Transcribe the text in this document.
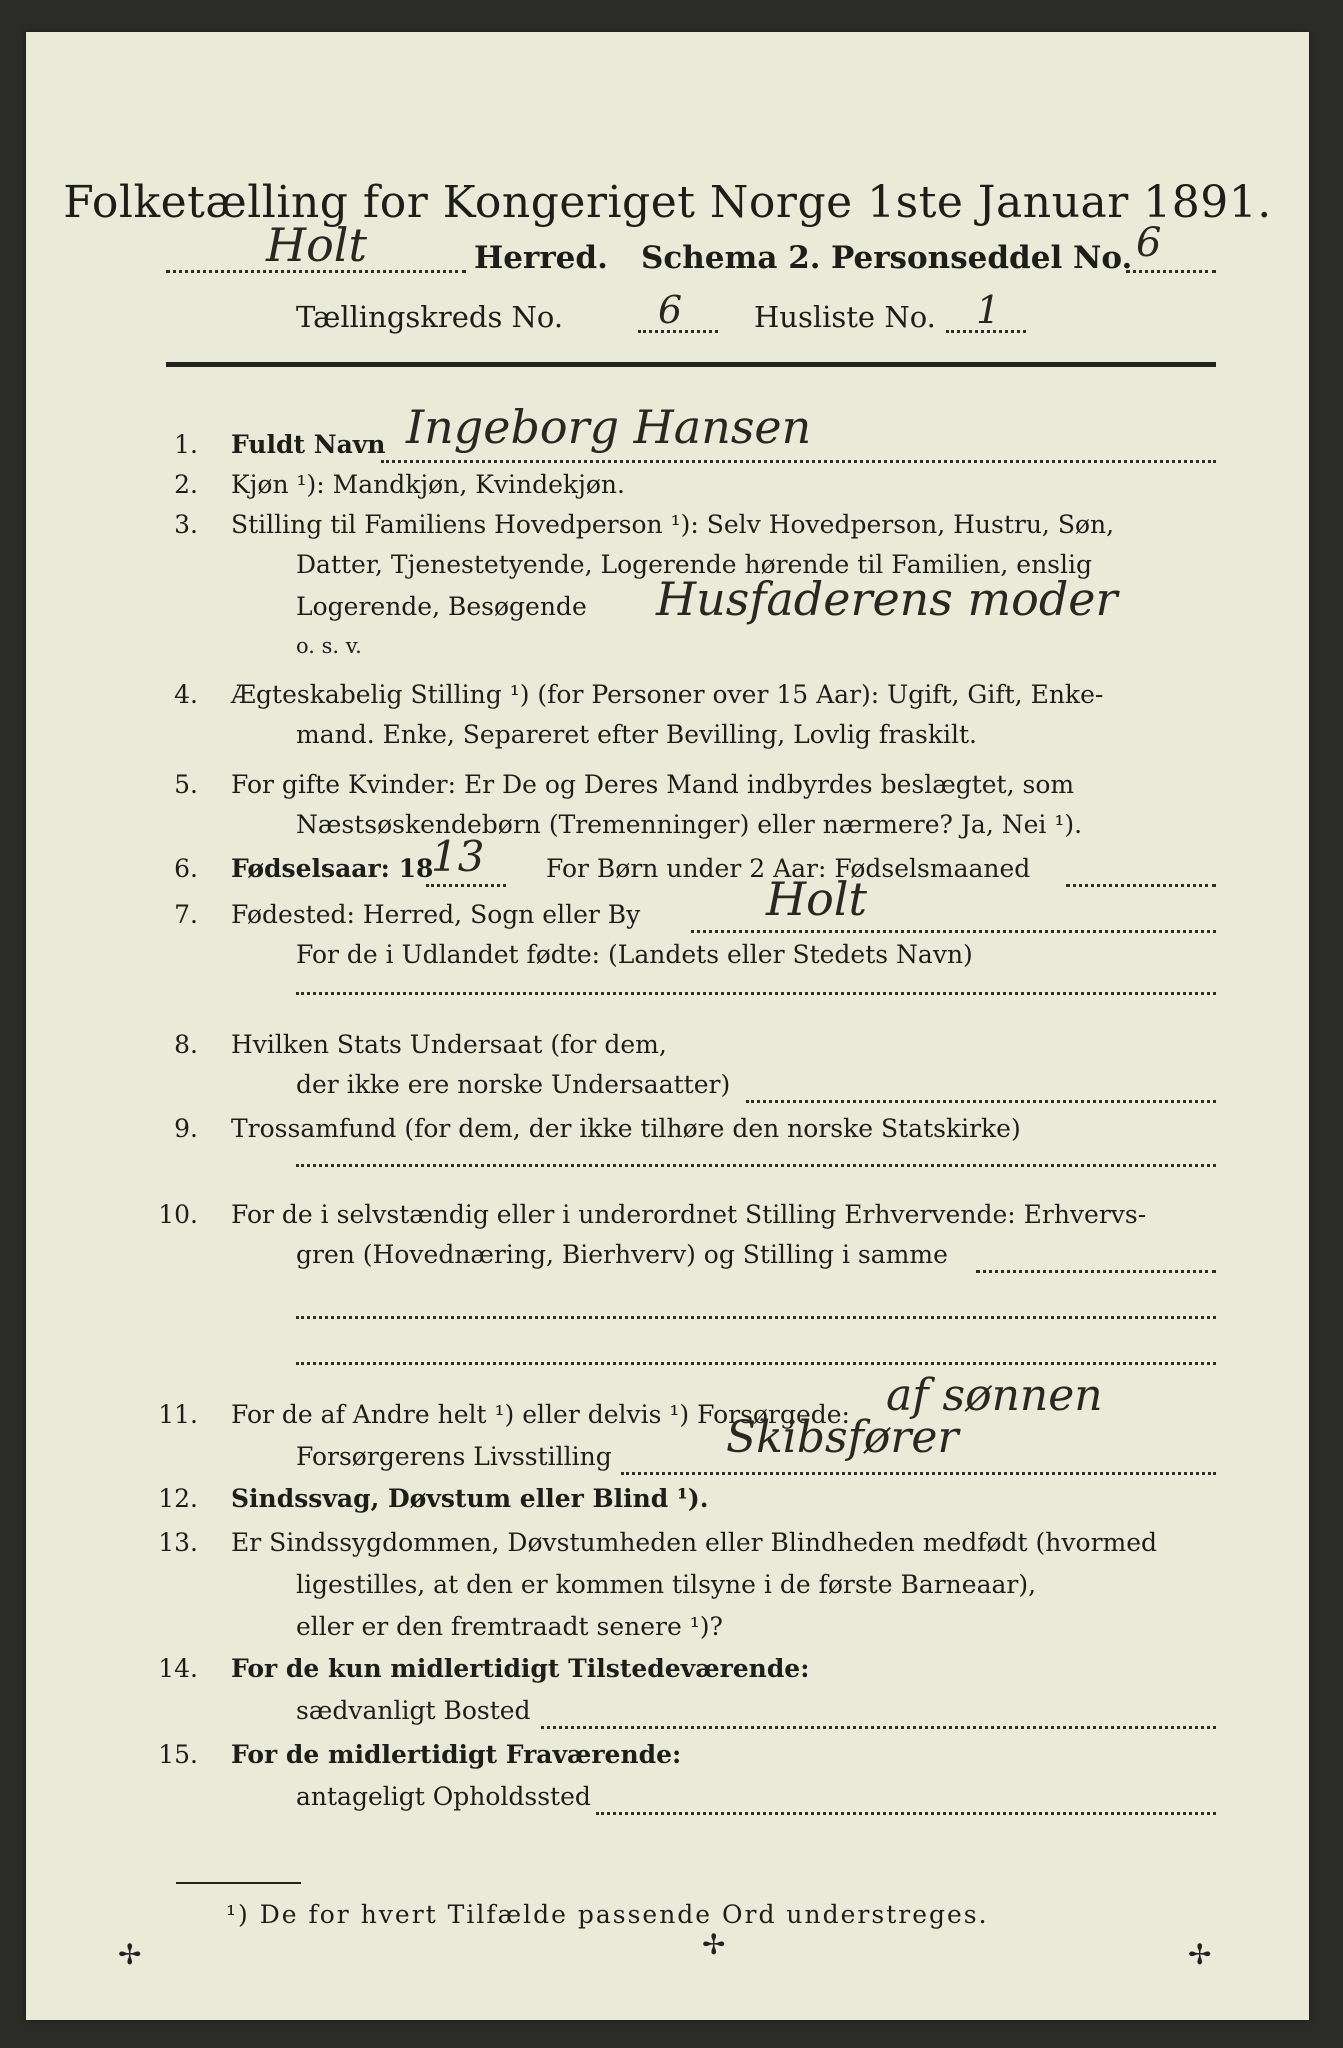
Folketælling for Kongeriget Norge 1ste Januar 1891.
Holt	Herred. Schema 2. Personseddel No. 6
Tællingskreds No. 6 Husliste No. 1
1. Fuldt Navn Ingeborg Hansen
2. Kjøn ¹): Mandkjøn, Kvindekjøn.
3. Stilling til Familiens Hovedperson ¹): Selv Hovedperson, Hustru, Søn,
Datter, Tjenestetyende, Logerende hørende til Familien, enslig
Logerende, Besøgende Husfaderens moder
o. s. v.
4. Ægteskabelig Stilling ¹) (for Personer over 15 Aar): Ugift, Gift, Enke-
mand. Enke, Separeret efter Bevilling, Lovlig fraskilt.
5. For gifte Kvinder: Er De og Deres Mand indbyrdes beslægtet, som
Næstsøskendebørn (Tremenninger) eller nærmere? Ja, Nei ¹).
6. Fødselsaar: 18
13 For Børn under 2 Aar: Fødselsmaaned
7. Fødested: Herred, Sogn eller By	Holt
For de i Udlandet fødte: (Landets eller Stedets Navn)
8. Hvilken Stats Undersaat (for dem,
der ikke ere norske Undersaatter)
9. Trossamfund (for dem, der ikke tilhøre den norske Statskirke)
10. For de i selvstændig eller i underordnet Stilling Erhvervende: Erhvervs-
gren (Hovednæring, Bierhverv) og Stilling i samme
11. For de af Andre helt ¹) eller delvis ¹) Forsørgede: af sønnen
Forsørgerens Livsstilling	Skibsfører
12. Sindssvag, Døvstum eller Blind ¹).
13. Er Sindssygdommen, Døvstumheden eller Blindheden medfødt (hvormed
ligestilles, at den er kommen tilsyne i de første Barneaar),
eller er den fremtraadt senere ¹)?
14. For de kun midlertidigt Tilstedeværende:
sædvanligt Bosted
15. For de midlertidigt Fraværende:
antageligt Opholdssted
¹) De for hvert Tilfælde passende Ord understreges.
✢	✢	✢
